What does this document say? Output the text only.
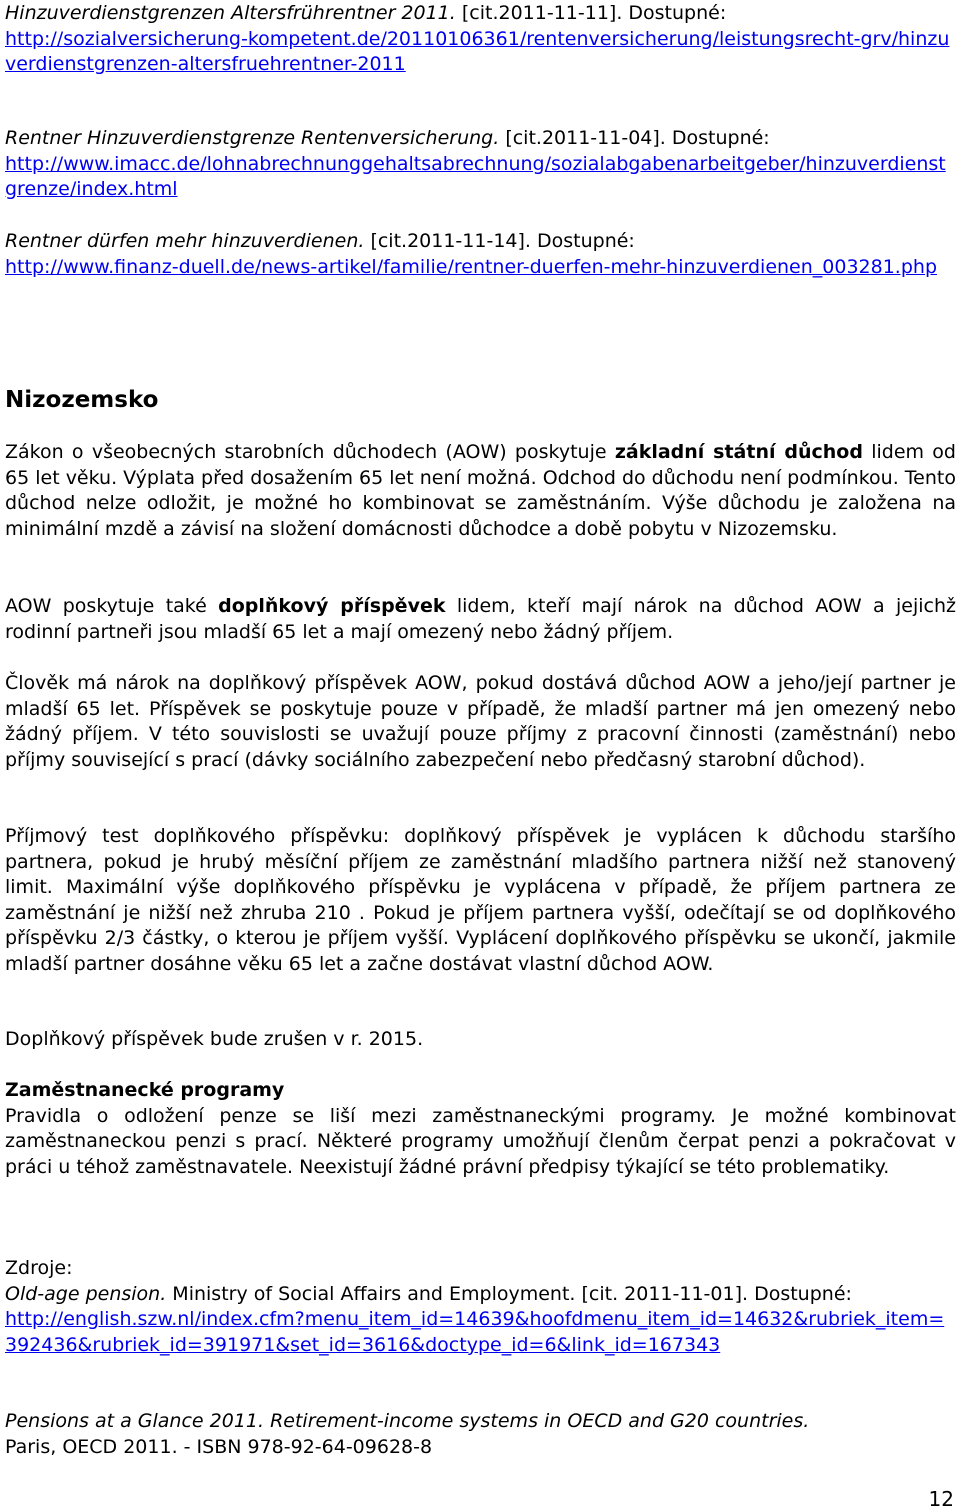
Hinzuverdienstgrenzen Altersfrührentner 2011. [cit.2011-11-11]. Dostupné:
http://sozialversicherung-kompetent.de/20110106361/rentenversicherung/leistungsrecht-grv/hinzuverdienstgrenzen-altersfruehrentner-2011

Rentner Hinzuverdienstgrenze Rentenversicherung. [cit.2011-11-04]. Dostupné:
http://www.imacc.de/lohnabrechnunggehaltsabrechnung/sozialabgabenarbeitgeber/hinzuverdienstgrenze/index.html

Rentner dürfen mehr hinzuverdienen. [cit.2011-11-14]. Dostupné:
http://www.finanz-duell.de/news-artikel/familie/rentner-duerfen-mehr-hinzuverdienen_003281.php

Nizozemsko

Zákon o všeobecných starobních důchodech (AOW) poskytuje základní státní důchod lidem od 65 let věku. Výplata před dosažením 65 let není možná. Odchod do důchodu není podmínkou. Tento důchod nelze odložit, je možné ho kombinovat se zaměstnáním. Výše důchodu je založena na minimální mzdě a závisí na složení domácnosti důchodce a době pobytu v Nizozemsku.

AOW poskytuje také doplňkový příspěvek lidem, kteří mají nárok na důchod AOW a jejichž rodinní partneři jsou mladší 65 let a mají omezený nebo žádný příjem.

Člověk má nárok na doplňkový příspěvek AOW, pokud dostává důchod AOW a jeho/její partner je mladší 65 let. Příspěvek se poskytuje pouze v případě, že mladší partner má jen omezený nebo žádný příjem. V této souvislosti se uvažují pouze příjmy z pracovní činnosti (zaměstnání) nebo příjmy související s prací (dávky sociálního zabezpečení nebo předčasný starobní důchod).

Příjmový test doplňkového příspěvku: doplňkový příspěvek je vyplácen k důchodu staršího partnera, pokud je hrubý měsíční příjem ze zaměstnání mladšího partnera nižší než stanovený limit. Maximální výše doplňkového příspěvku je vyplácena v případě, že příjem partnera ze zaměstnání je nižší než zhruba 210 . Pokud je příjem partnera vyšší, odečítají se od doplňkového příspěvku 2/3 částky, o kterou je příjem vyšší. Vyplácení doplňkového příspěvku se ukončí, jakmile mladší partner dosáhne věku 65 let a začne dostávat vlastní důchod AOW.

Doplňkový příspěvek bude zrušen v r. 2015.

Zaměstnanecké programy

Pravidla o odložení penze se liší mezi zaměstnaneckými programy. Je možné kombinovat zaměstnaneckou penzi s prací. Některé programy umožňují členům čerpat penzi a pokračovat v práci u téhož zaměstnavatele. Neexistují žádné právní předpisy týkající se této problematiky.

Zdroje:

Old-age pension. Ministry of Social Affairs and Employment. [cit. 2011-11-01]. Dostupné:

http://english.szw.nl/index.cfm?menu_item_id=14639&hoofdmenu_item_id=14632&rubriek_item=392436&rubriek_id=391971&set_id=3616&doctype_id=6&link_id=167343

Pensions at a Glance 2011. Retirement-income systems in OECD and G20 countries.
Paris, OECD 2011. - ISBN 978-92-64-09628-8

12
